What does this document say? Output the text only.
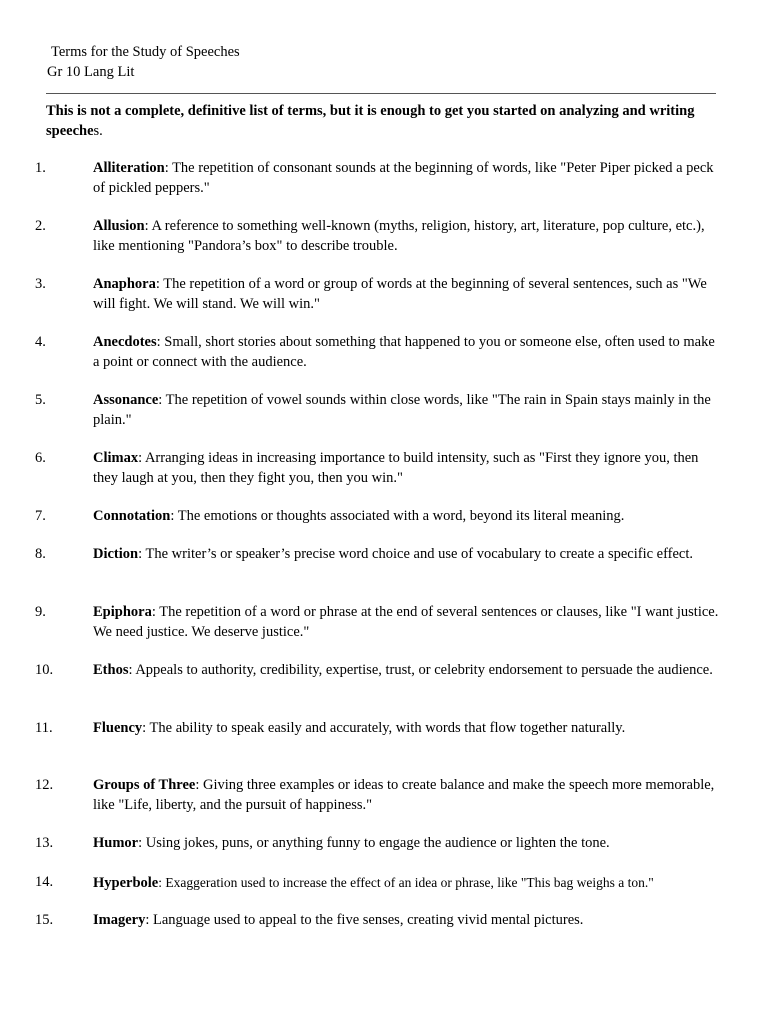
Terms for the Study of Speeches
Gr 10 Lang Lit
This is not a complete, definitive list of terms, but it is enough to get you started on analyzing and writing speeches.
1.	Alliteration: The repetition of consonant sounds at the beginning of words, like "Peter Piper picked a peck of pickled peppers."
2.	Allusion: A reference to something well-known (myths, religion, history, art, literature, pop culture, etc.), like mentioning "Pandora’s box" to describe trouble.
3.	Anaphora: The repetition of a word or group of words at the beginning of several sentences, such as "We will fight. We will stand. We will win."
4.	Anecdotes: Small, short stories about something that happened to you or someone else, often used to make a point or connect with the audience.
5.	Assonance: The repetition of vowel sounds within close words, like "The rain in Spain stays mainly in the plain."
6.	Climax: Arranging ideas in increasing importance to build intensity, such as "First they ignore you, then they laugh at you, then they fight you, then you win."
7.	Connotation: The emotions or thoughts associated with a word, beyond its literal meaning.
8.	Diction: The writer’s or speaker’s precise word choice and use of vocabulary to create a specific effect.
9.	Epiphora: The repetition of a word or phrase at the end of several sentences or clauses, like "I want justice. We need justice. We deserve justice."
10.	Ethos: Appeals to authority, credibility, expertise, trust, or celebrity endorsement to persuade the audience.
11.	Fluency: The ability to speak easily and accurately, with words that flow together naturally.
12.	Groups of Three: Giving three examples or ideas to create balance and make the speech more memorable, like "Life, liberty, and the pursuit of happiness."
13.	Humor: Using jokes, puns, or anything funny to engage the audience or lighten the tone.
14.	Hyperbole: Exaggeration used to increase the effect of an idea or phrase, like "This bag weighs a ton."
15.	Imagery: Language used to appeal to the five senses, creating vivid mental pictures.
